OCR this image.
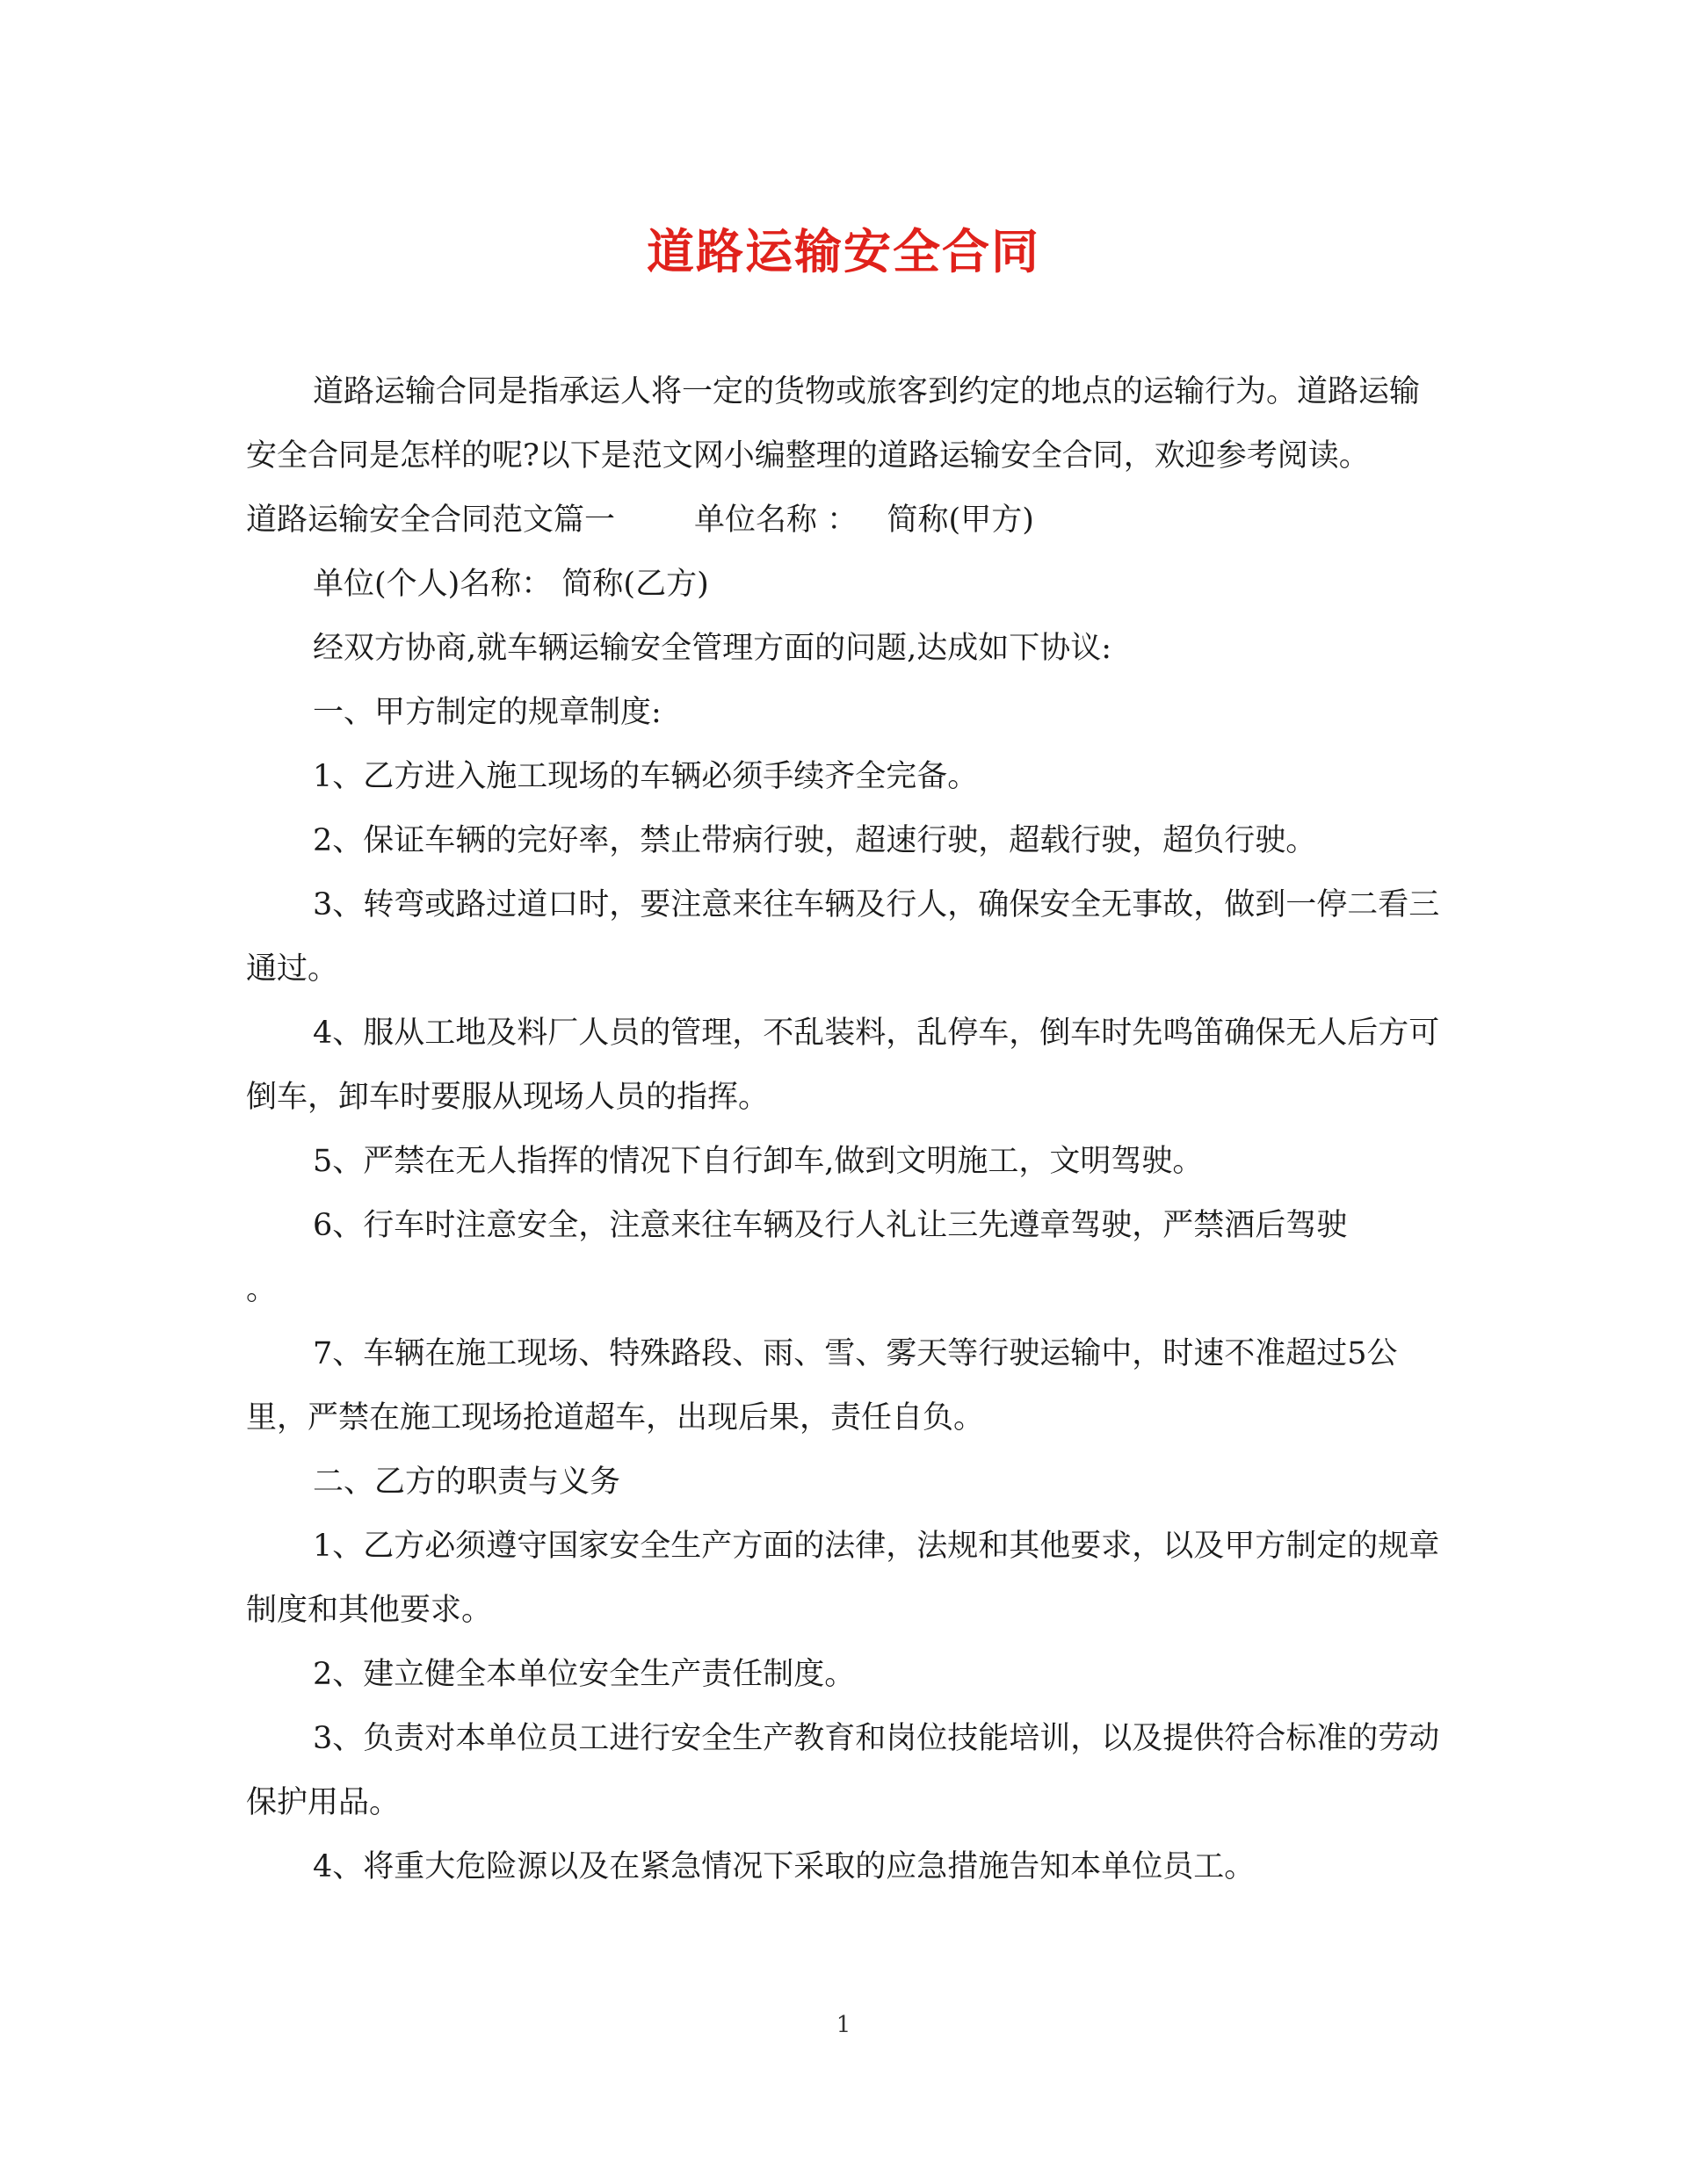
道路运输安全合同

道路运输合同是指承运人将一定的货物或旅客到约定的地点的运输行为。道路运输安全合同是怎样的呢?以下是范文网小编整理的道路运输安全合同，欢迎参考阅读。

道路运输安全合同范文篇一	单位名称 ： 简称(甲方)

单位(个人)名称： 简称(乙方)

经双方协商,就车辆运输安全管理方面的问题,达成如下协议:

一、甲方制定的规章制度:

1、乙方进入施工现场的车辆必须手续齐全完备。

2、保证车辆的完好率，禁止带病行驶，超速行驶，超载行驶，超负行驶。

3、转弯或路过道口时，要注意来往车辆及行人，确保安全无事故，做到一停二看三通过。

4、服从工地及料厂人员的管理，不乱装料，乱停车，倒车时先鸣笛确保无人后方可倒车，卸车时要服从现场人员的指挥。

5、严禁在无人指挥的情况下自行卸车,做到文明施工，文明驾驶。

6、行车时注意安全，注意来往车辆及行人礼让三先遵章驾驶，严禁酒后驾驶

。

7、车辆在施工现场、特殊路段、雨、雪、雾天等行驶运输中，时速不准超过5公里，严禁在施工现场抢道超车，出现后果，责任自负。

二、乙方的职责与义务

1、乙方必须遵守国家安全生产方面的法律，法规和其他要求，以及甲方制定的规章制度和其他要求。

2、建立健全本单位安全生产责任制度。

3、负责对本单位员工进行安全生产教育和岗位技能培训，以及提供符合标准的劳动保护用品。

4、将重大危险源以及在紧急情况下采取的应急措施告知本单位员工。

1
